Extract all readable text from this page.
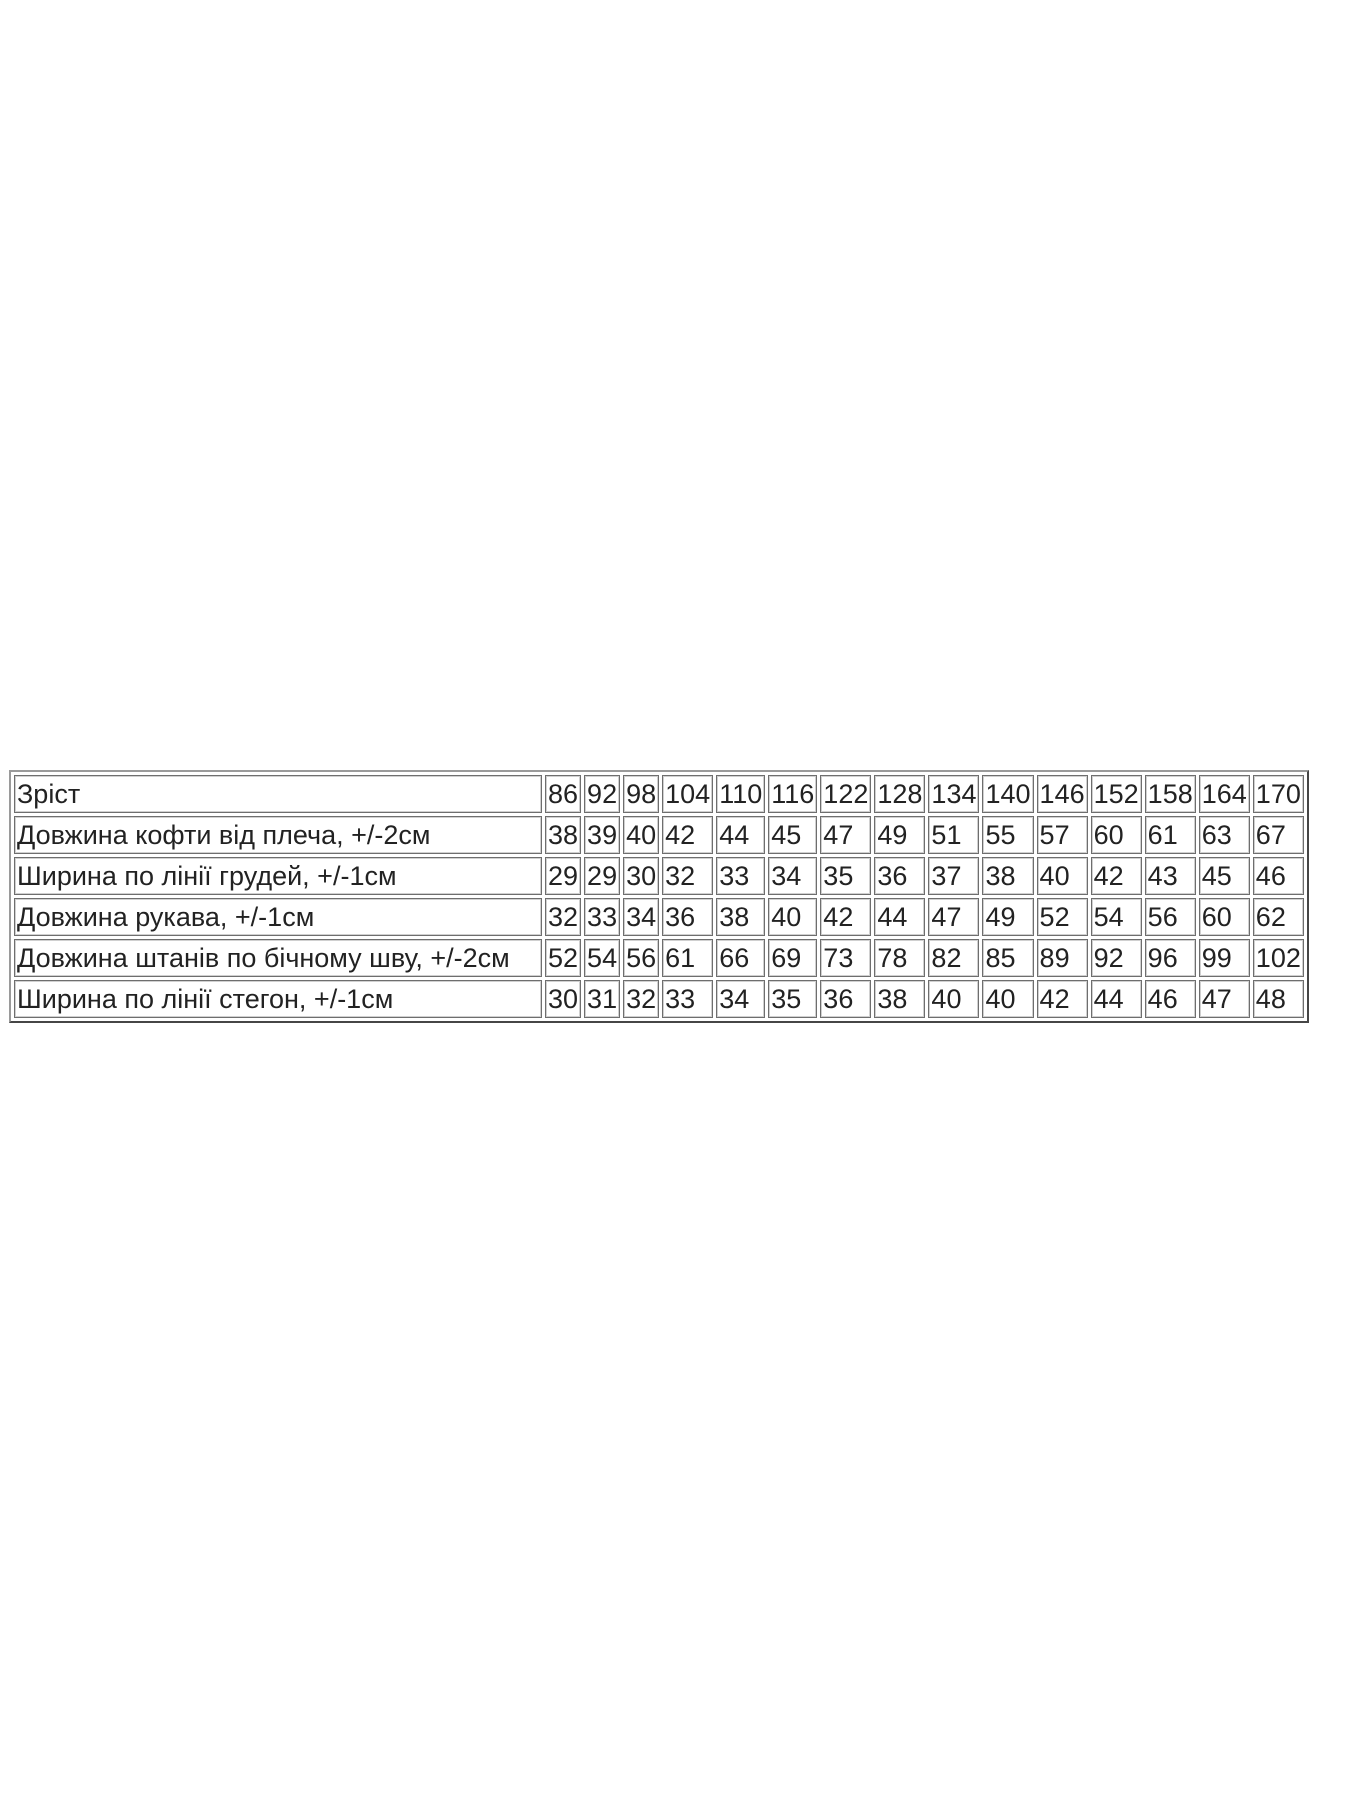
Зріст	86	92	98	104	110	116	122	128	134	140	146	152	158	164	170
Довжина кофти від плеча, +/-2см	38	39	40	42	44	45	47	49	51	55	57	60	61	63	67
Ширина по лінії грудей, +/-1см	29	29	30	32	33	34	35	36	37	38	40	42	43	45	46
Довжина рукава, +/-1см	32	33	34	36	38	40	42	44	47	49	52	54	56	60	62
Довжина штанів по бічному шву, +/-2см	52	54	56	61	66	69	73	78	82	85	89	92	96	99	102
Ширина по лінії стегон, +/-1см	30	31	32	33	34	35	36	38	40	40	42	44	46	47	48
